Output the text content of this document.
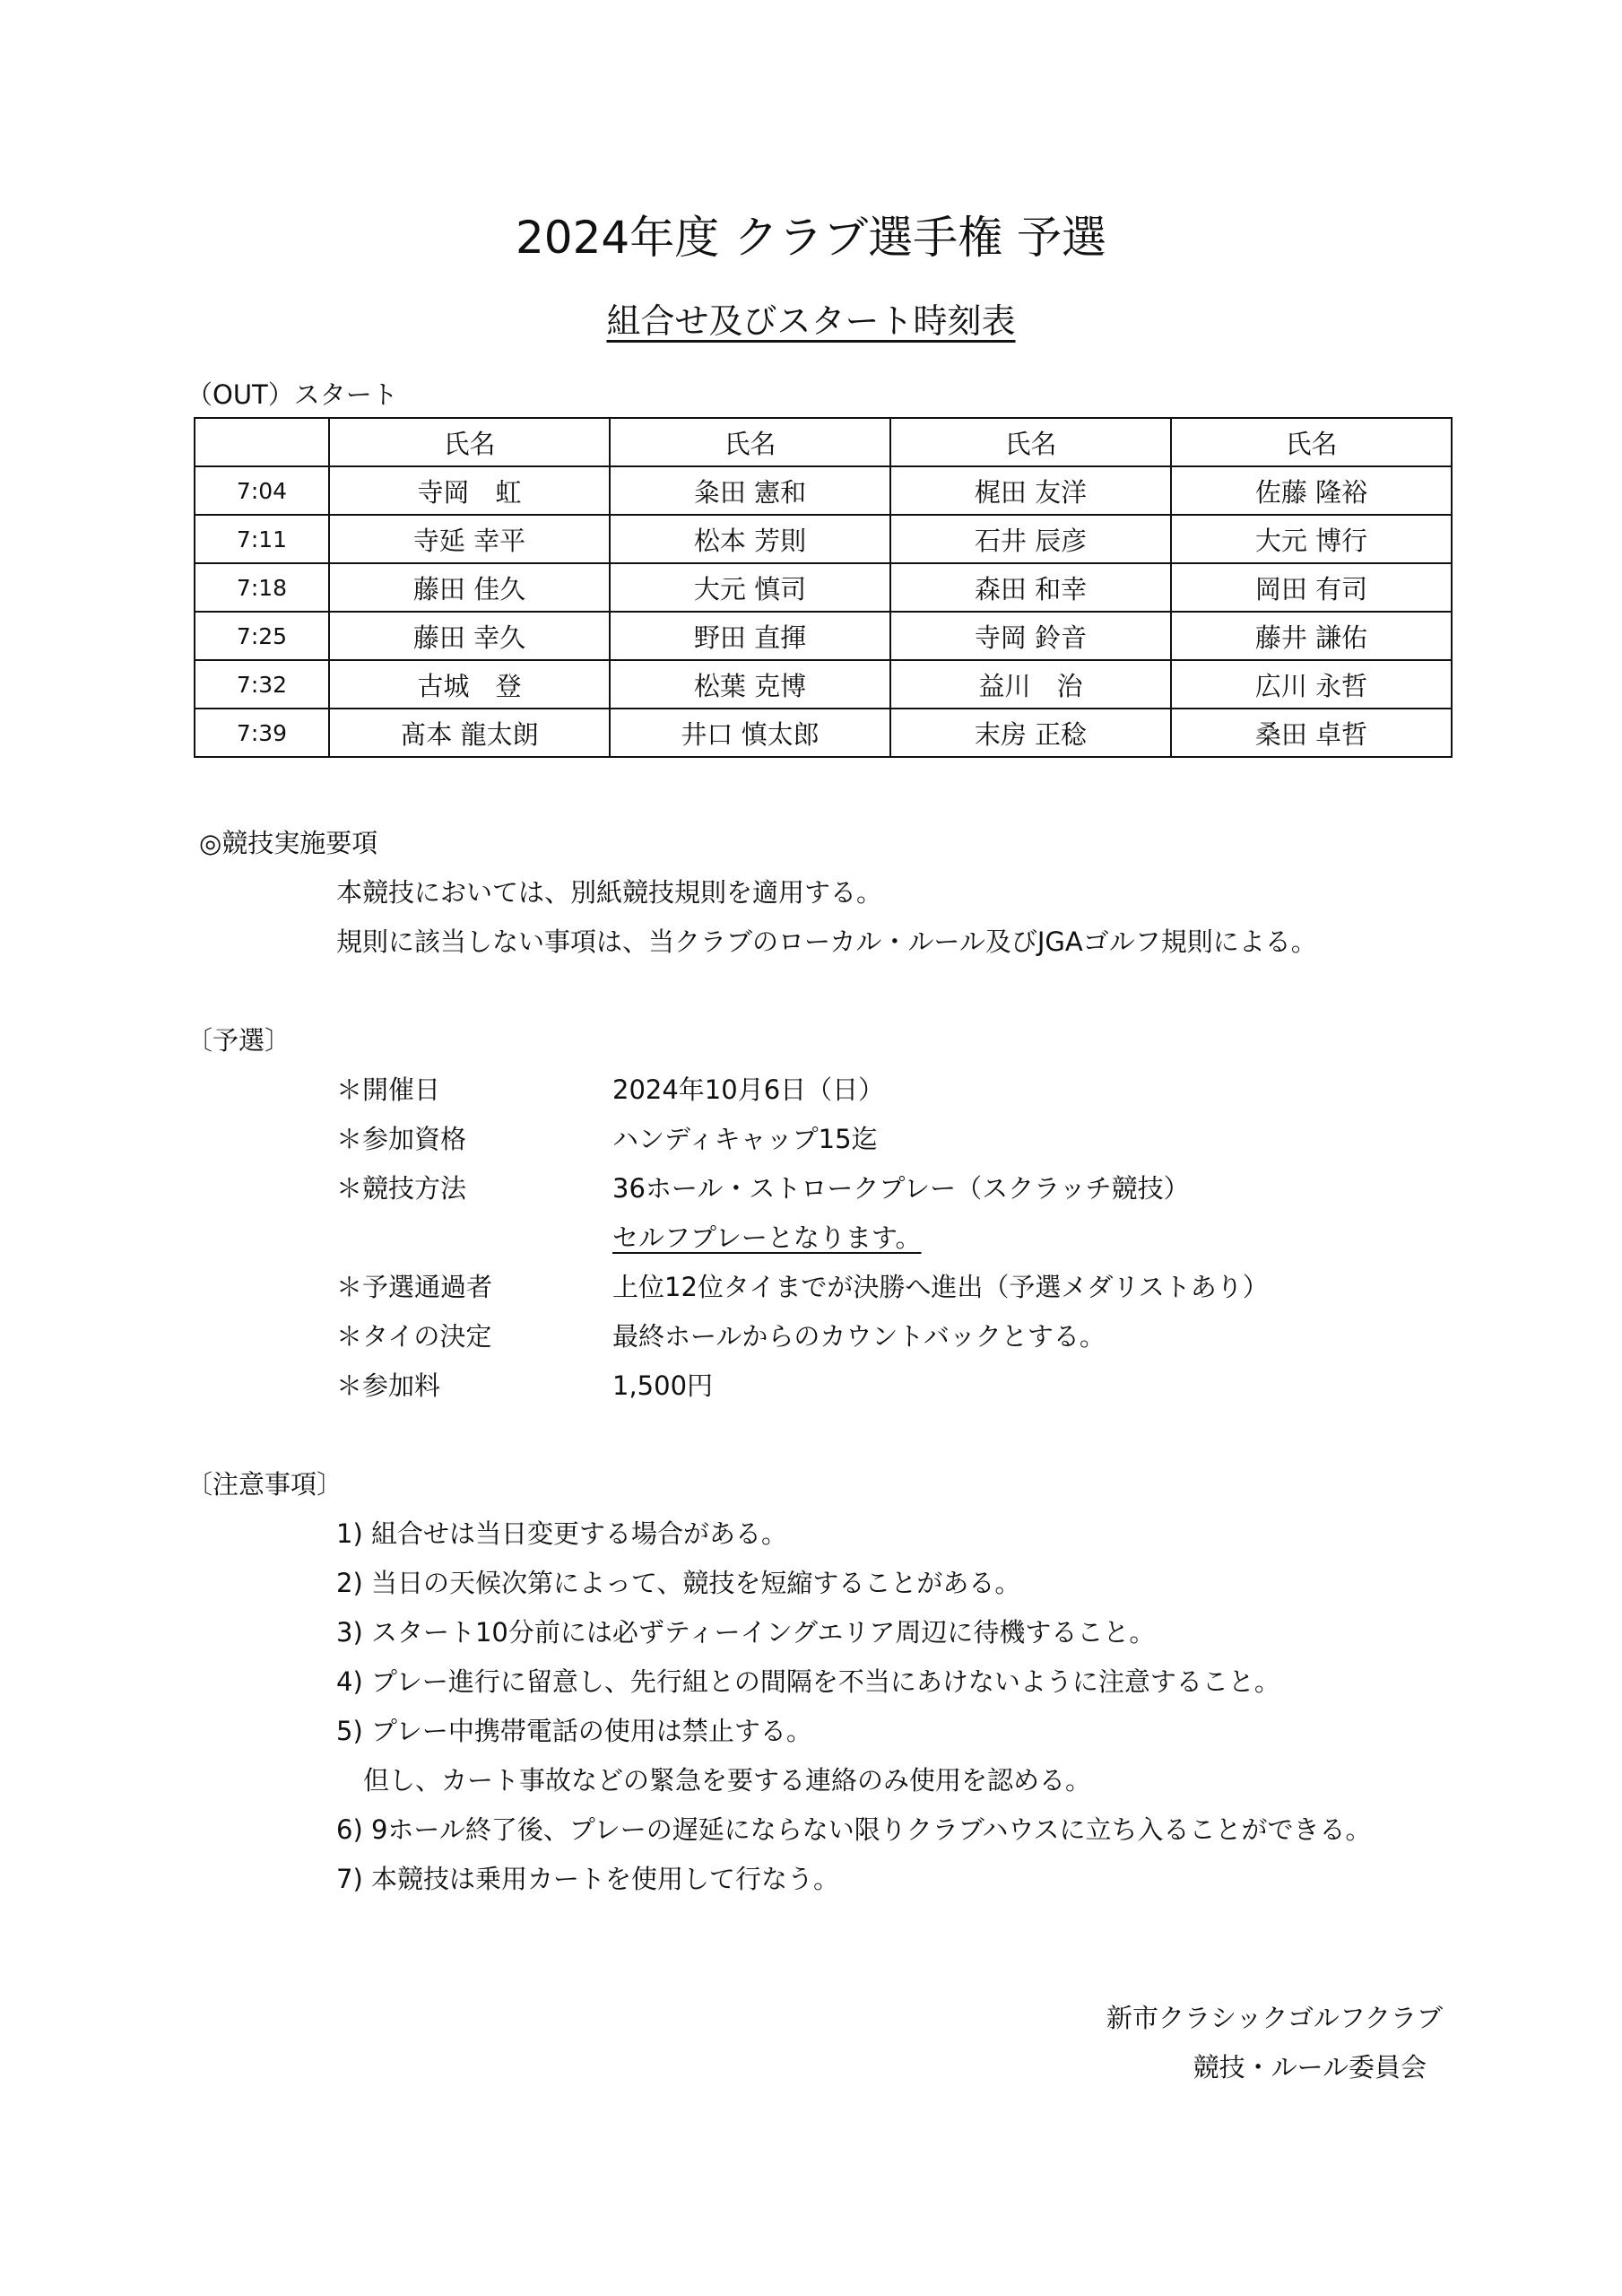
2024年度 クラブ選手権 予選
組合せ及びスタート時刻表
（OUT）スタート
	氏名	氏名	氏名	氏名
7:04	寺岡　虹	粂田 憲和	梶田 友洋	佐藤 隆裕
7:11	寺延 幸平	松本 芳則	石井 辰彦	大元 博行
7:18	藤田 佳久	大元 慎司	森田 和幸	岡田 有司
7:25	藤田 幸久	野田 直揮	寺岡 鈴音	藤井 謙佑
7:32	古城　登	松葉 克博	益川　治	広川 永哲
7:39	髙本 龍太朗	井口 慎太郎	末房 正稔	桑田 卓哲
◎競技実施要項
本競技においては、別紙競技規則を適用する。
規則に該当しない事項は、当クラブのローカル・ルール及びJGAゴルフ規則による。
〔予選〕
＊開催日	2024年10月6日（日）
＊参加資格	ハンディキャップ15迄
＊競技方法	36ホール・ストロークプレー（スクラッチ競技）
セルフプレーとなります。
＊予選通過者	上位12位タイまでが決勝へ進出（予選メダリストあり）
＊タイの決定	最終ホールからのカウントバックとする。
＊参加料	1,500円
〔注意事項〕
1) 組合せは当日変更する場合がある。
2) 当日の天候次第によって、競技を短縮することがある。
3) スタート10分前には必ずティーイングエリア周辺に待機すること。
4) プレー進行に留意し、先行組との間隔を不当にあけないように注意すること。
5) プレー中携帯電話の使用は禁止する。
但し、カート事故などの緊急を要する連絡のみ使用を認める。
6) 9ホール終了後、プレーの遅延にならない限りクラブハウスに立ち入ることができる。
7) 本競技は乗用カートを使用して行なう。
新市クラシックゴルフクラブ
競技・ルール委員会
